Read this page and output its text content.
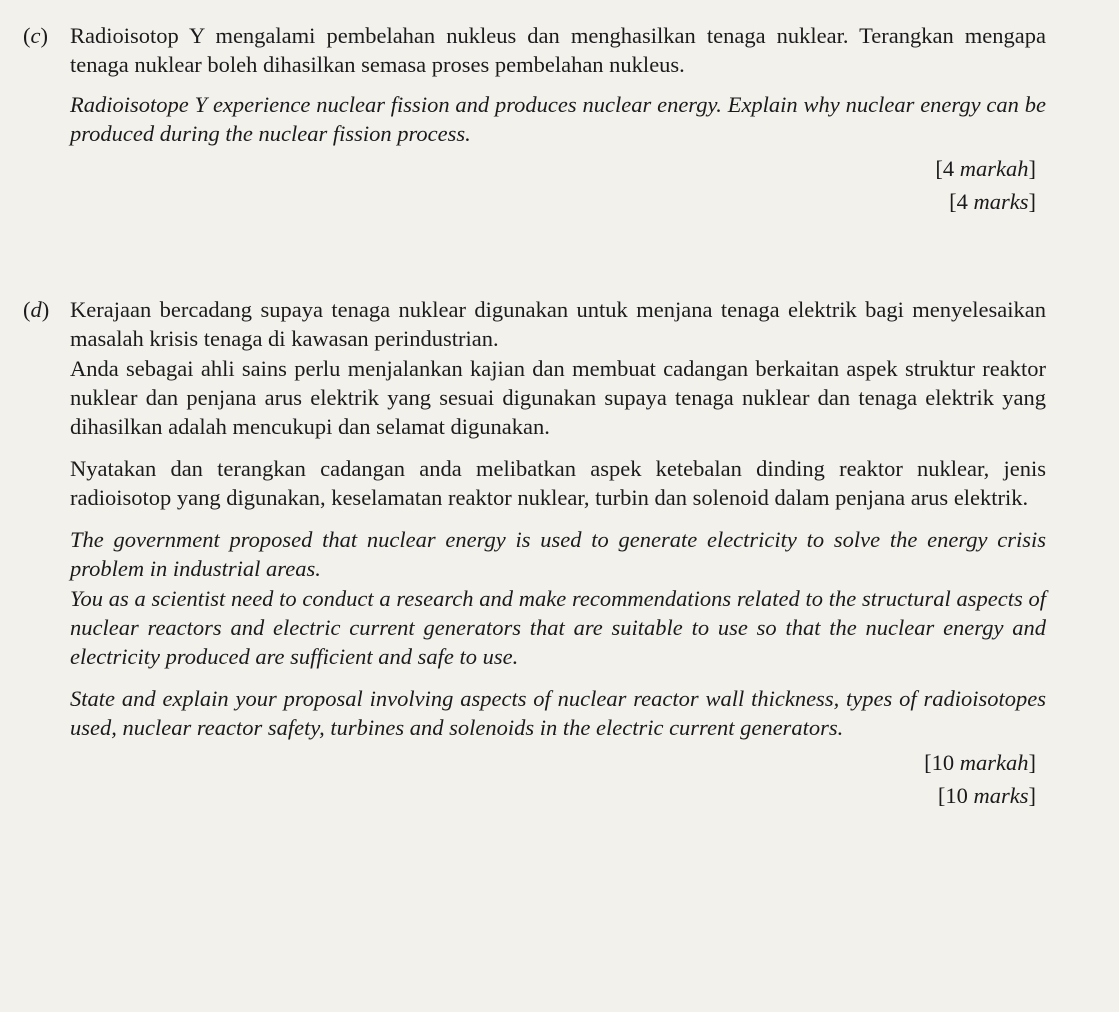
(c) Radioisotop Y mengalami pembelahan nukleus dan menghasilkan tenaga nuklear. Terangkan mengapa tenaga nuklear boleh dihasilkan semasa proses pembelahan nukleus.

Radioisotope Y experience nuclear fission and produces nuclear energy. Explain why nuclear energy can be produced during the nuclear fission process.

[4 markah]

[4 marks]

(d) Kerajaan bercadang supaya tenaga nuklear digunakan untuk menjana tenaga elektrik bagi menyelesaikan masalah krisis tenaga di kawasan perindustrian.

Anda sebagai ahli sains perlu menjalankan kajian dan membuat cadangan berkaitan aspek struktur reaktor nuklear dan penjana arus elektrik yang sesuai digunakan supaya tenaga nuklear dan tenaga elektrik yang dihasilkan adalah mencukupi dan selamat digunakan.

Nyatakan dan terangkan cadangan anda melibatkan aspek ketebalan dinding reaktor nuklear, jenis radioisotop yang digunakan, keselamatan reaktor nuklear, turbin dan solenoid dalam penjana arus elektrik.

The government proposed that nuclear energy is used to generate electricity to solve the energy crisis problem in industrial areas.

You as a scientist need to conduct a research and make recommendations related to the structural aspects of nuclear reactors and electric current generators that are suitable to use so that the nuclear energy and electricity produced are sufficient and safe to use.

State and explain your proposal involving aspects of nuclear reactor wall thickness, types of radioisotopes used, nuclear reactor safety, turbines and solenoids in the electric current generators.

[10 markah]

[10 marks]
